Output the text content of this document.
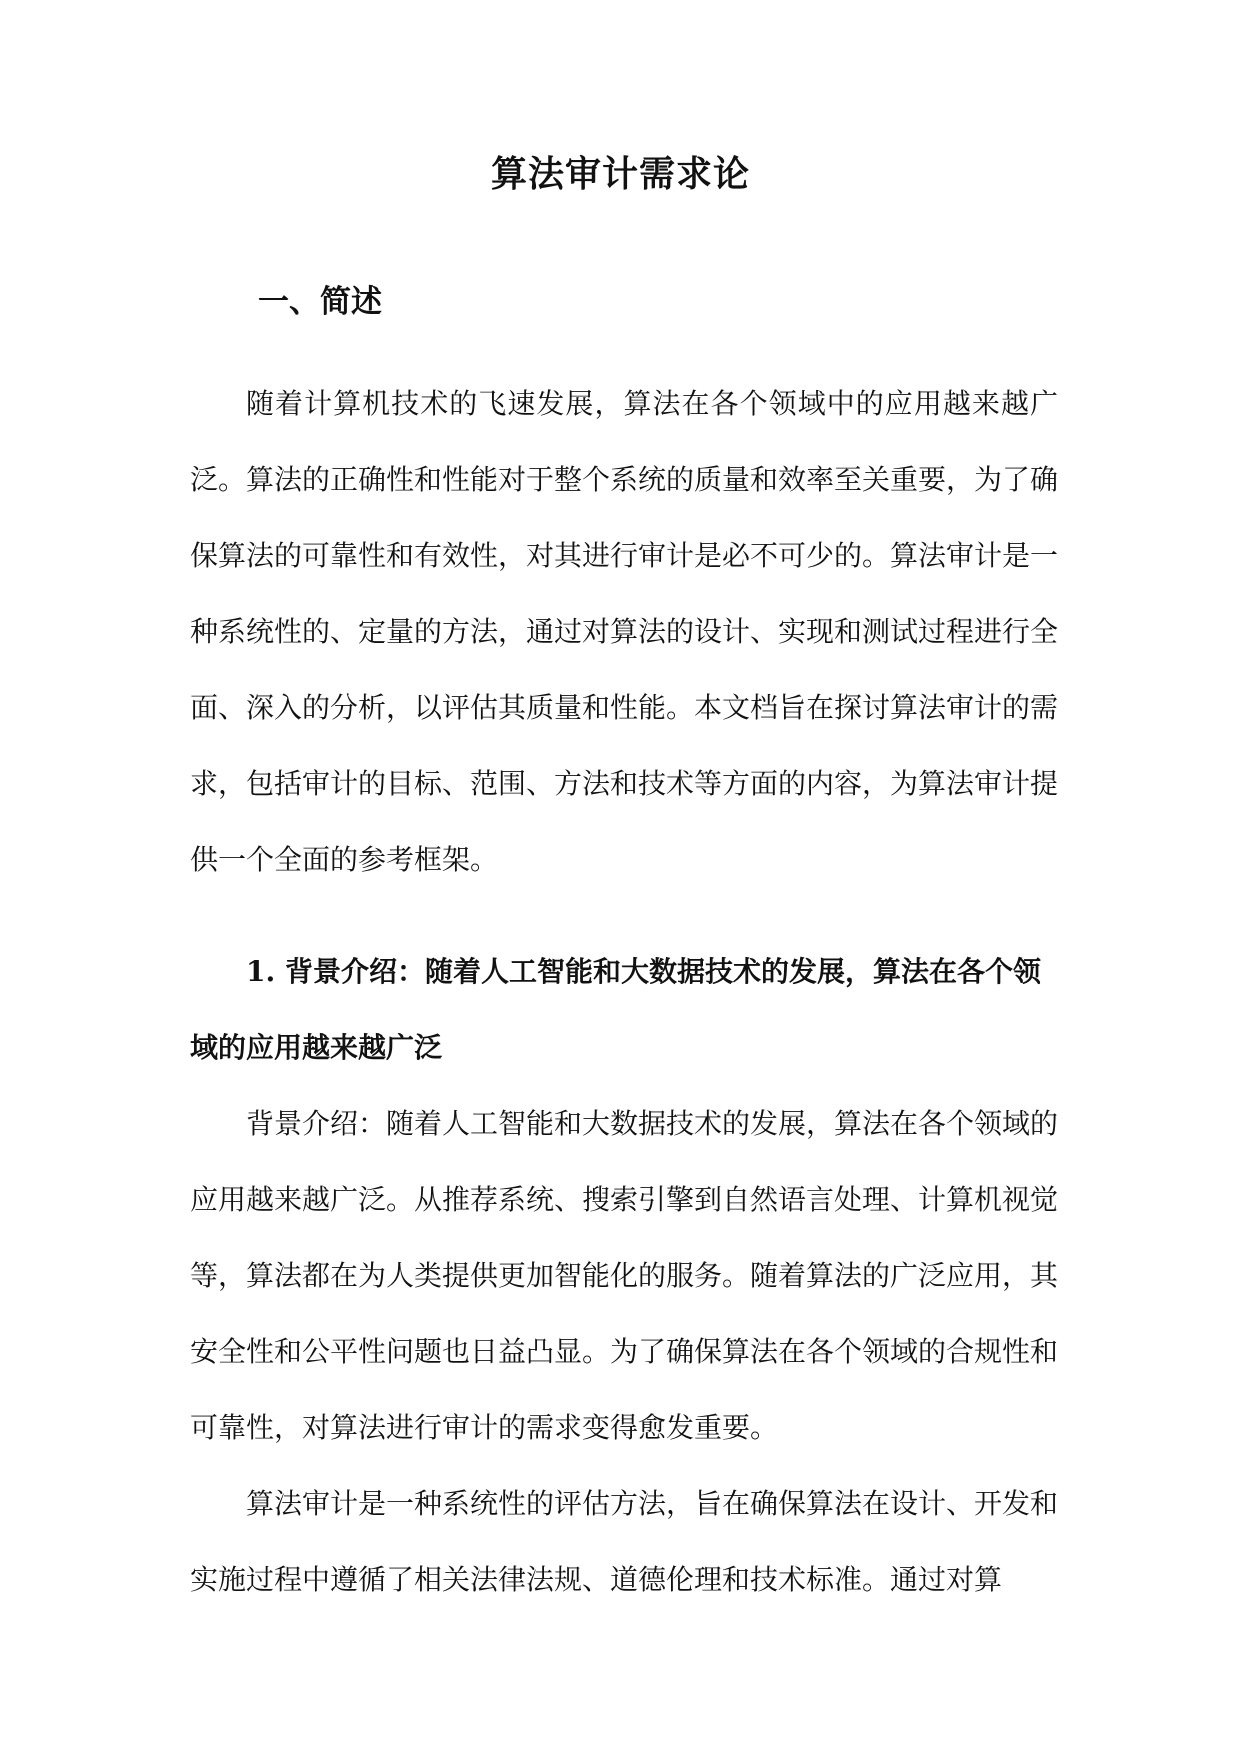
算法审计需求论
一、简述

随着计算机技术的飞速发展，算法在各个领域中的应用越来越广泛。算法的正确性和性能对于整个系统的质量和效率至关重要，为了确保算法的可靠性和有效性，对其进行审计是必不可少的。算法审计是一种系统性的、定量的方法，通过对算法的设计、实现和测试过程进行全面、深入的分析，以评估其质量和性能。本文档旨在探讨算法审计的需求，包括审计的目标、范围、方法和技术等方面的内容，为算法审计提供一个全面的参考框架。

1. 背景介绍：随着人工智能和大数据技术的发展，算法在各个领域的应用越来越广泛

背景介绍：随着人工智能和大数据技术的发展，算法在各个领域的应用越来越广泛。从推荐系统、搜索引擎到自然语言处理、计算机视觉等，算法都在为人类提供更加智能化的服务。随着算法的广泛应用，其安全性和公平性问题也日益凸显。为了确保算法在各个领域的合规性和可靠性，对算法进行审计的需求变得愈发重要。

算法审计是一种系统性的评估方法，旨在确保算法在设计、开发和实施过程中遵循了相关法律法规、道德伦理和技术标准。通过对算
